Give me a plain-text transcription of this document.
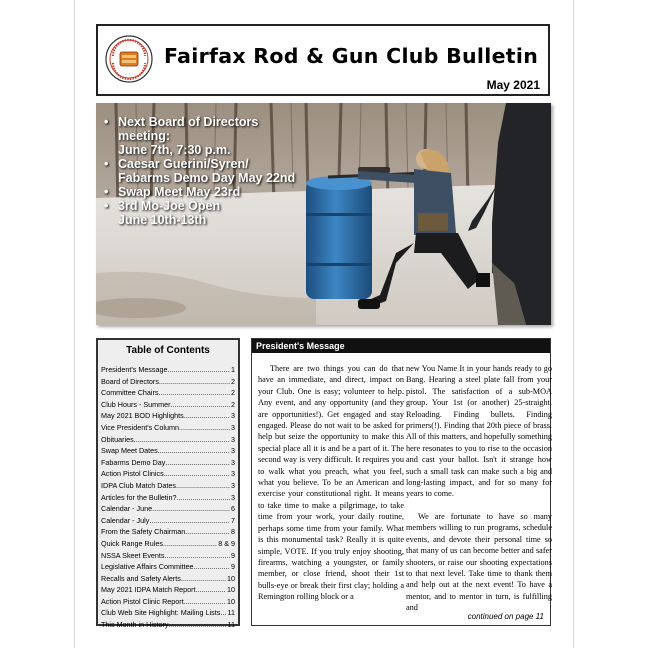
Fairfax Rod & Gun Club Bulletin
May 2021
• Next Board of Directors
meeting:
June 7th, 7:30 p.m.
• Caesar Guerini/Syren/
Fabarms Demo Day May 22nd
• Swap Meet May 23rd
• 3rd Mo-Joe Open
June 10th-13th
Table of Contents
President's Message .....	1
Board of Directors .....	2
Committee Chairs .....	2
Club Hours - Summer .....	2
May 2021 BOD Highlights .....	3
Vice President's Column .....	3
Obituaries .....	3
Swap Meet Dates .....	3
Fabarms Demo Day .....	3
Action Pistol Clinics .....	3
IDPA Club Match Dates .....	3
Articles for the Bulletin? .....	3
Calendar - June .....	6
Calendar - July .....	7
From the Safety Chairman .....	8
Quick Range Rules .....	8 & 9
NSSA Skeet Events .....	9
Legislative Affairs Committee .....	9
Recalls and Safety Alerts .....	10
May 2021 IDPA Match Report .....	10
Action Pistol Clinic Report .....	10
Club Web Site Highlight: Mailing Lists ..... 11
This Month in History .....	11
President's Message

There are two things you can do that have an immediate, and direct, impact on your Club. One is easy; volunteer to help. Any event, and any opportunity (and they are opportunities!). Get engaged and stay engaged. Please do not wait to be asked for help but seize the opportunity to make this special place all it is and be a part of it. The second way is very difficult. It requires you to walk what you preach, what you feel, what you believe. To be an American and exercise your constitutional right. It means to take time to make a pilgrimage, to take time from your work, your daily routine, perhaps some time from your family. What is this monumental task? Really it is quite simple, VOTE. If you truly enjoy shooting, firearms, watching a youngster, or family member, or close friend, shoot their 1st bulls-eye or break their first clay; holding a Remington rolling block or a

new You Name It in your hands ready to go Bang. Hearing a steel plate fall from your pistol. The satisfaction of a sub-MOA group. Your 1st (or another) 25-straight. Reloading. Finding bullets. Finding primers(!). Finding that 20th piece of brass. All of this matters, and hopefully something here resonates to you to rise to the occasion and cast your ballot. Isn't it strange how such a small task can make such a big and long-lasting impact, and for so many for years to come.

We are fortunate to have so many members willing to run programs, schedule events, and devote their personal time so that many of us can become better and safer shooters, or raise our shooting expectations to that next level. Take time to thank them and help out at the next event! To have a mentor, and to mentor in turn, is fulfilling and

continued on page 11
